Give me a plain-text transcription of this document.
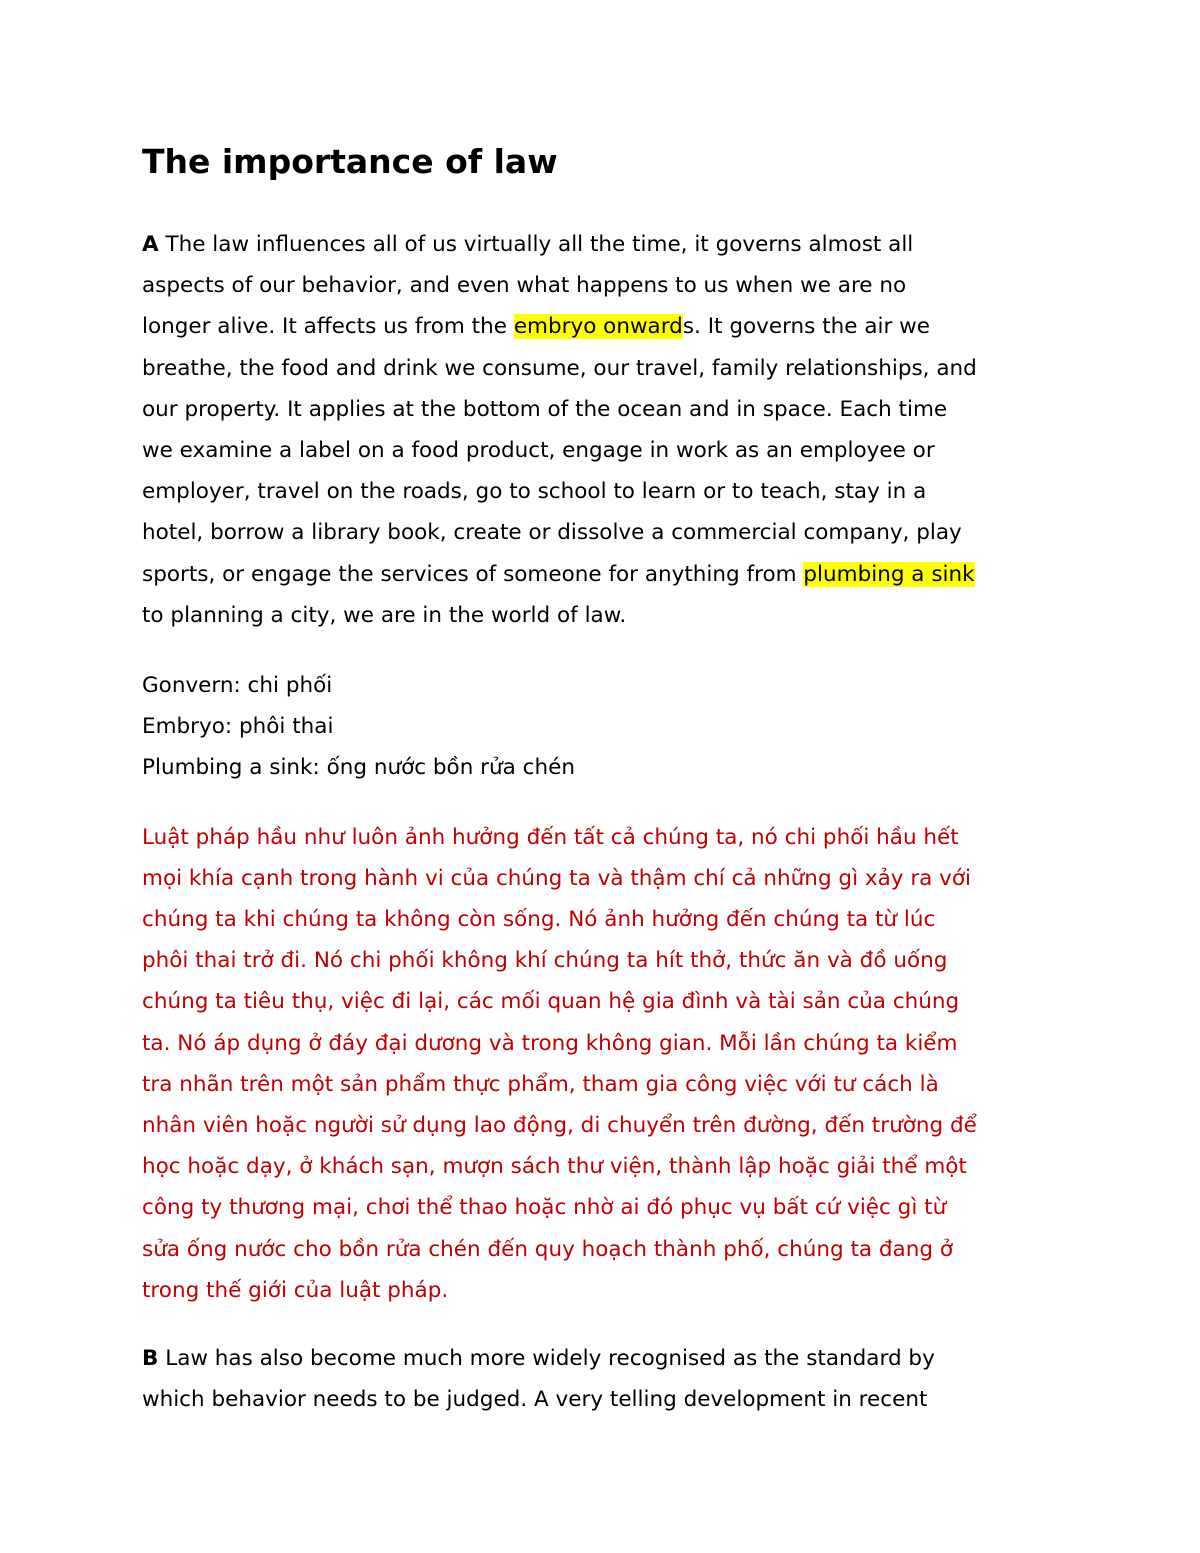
The importance of law
A The law influences all of us virtually all the time, it governs almost all
aspects of our behavior, and even what happens to us when we are no
longer alive. It affects us from the embryo onwards. It governs the air we
breathe, the food and drink we consume, our travel, family relationships, and
our property. It applies at the bottom of the ocean and in space. Each time
we examine a label on a food product, engage in work as an employee or
employer, travel on the roads, go to school to learn or to teach, stay in a
hotel, borrow a library book, create or dissolve a commercial company, play
sports, or engage the services of someone for anything from plumbing a sink
to planning a city, we are in the world of law.
Gonvern: chi phối
Embryo: phôi thai
Plumbing a sink: ống nước bồn rửa chén
Luật pháp hầu như luôn ảnh hưởng đến tất cả chúng ta, nó chi phối hầu hết
mọi khía cạnh trong hành vi của chúng ta và thậm chí cả những gì xảy ra với
chúng ta khi chúng ta không còn sống. Nó ảnh hưởng đến chúng ta từ lúc
phôi thai trở đi. Nó chi phối không khí chúng ta hít thở, thức ăn và đồ uống
chúng ta tiêu thụ, việc đi lại, các mối quan hệ gia đình và tài sản của chúng
ta. Nó áp dụng ở đáy đại dương và trong không gian. Mỗi lần chúng ta kiểm
tra nhãn trên một sản phẩm thực phẩm, tham gia công việc với tư cách là
nhân viên hoặc người sử dụng lao động, di chuyển trên đường, đến trường để
học hoặc dạy, ở khách sạn, mượn sách thư viện, thành lập hoặc giải thể một
công ty thương mại, chơi thể thao hoặc nhờ ai đó phục vụ bất cứ việc gì từ
sửa ống nước cho bồn rửa chén đến quy hoạch thành phố, chúng ta đang ở
trong thế giới của luật pháp.
B Law has also become much more widely recognised as the standard by
which behavior needs to be judged. A very telling development in recent
